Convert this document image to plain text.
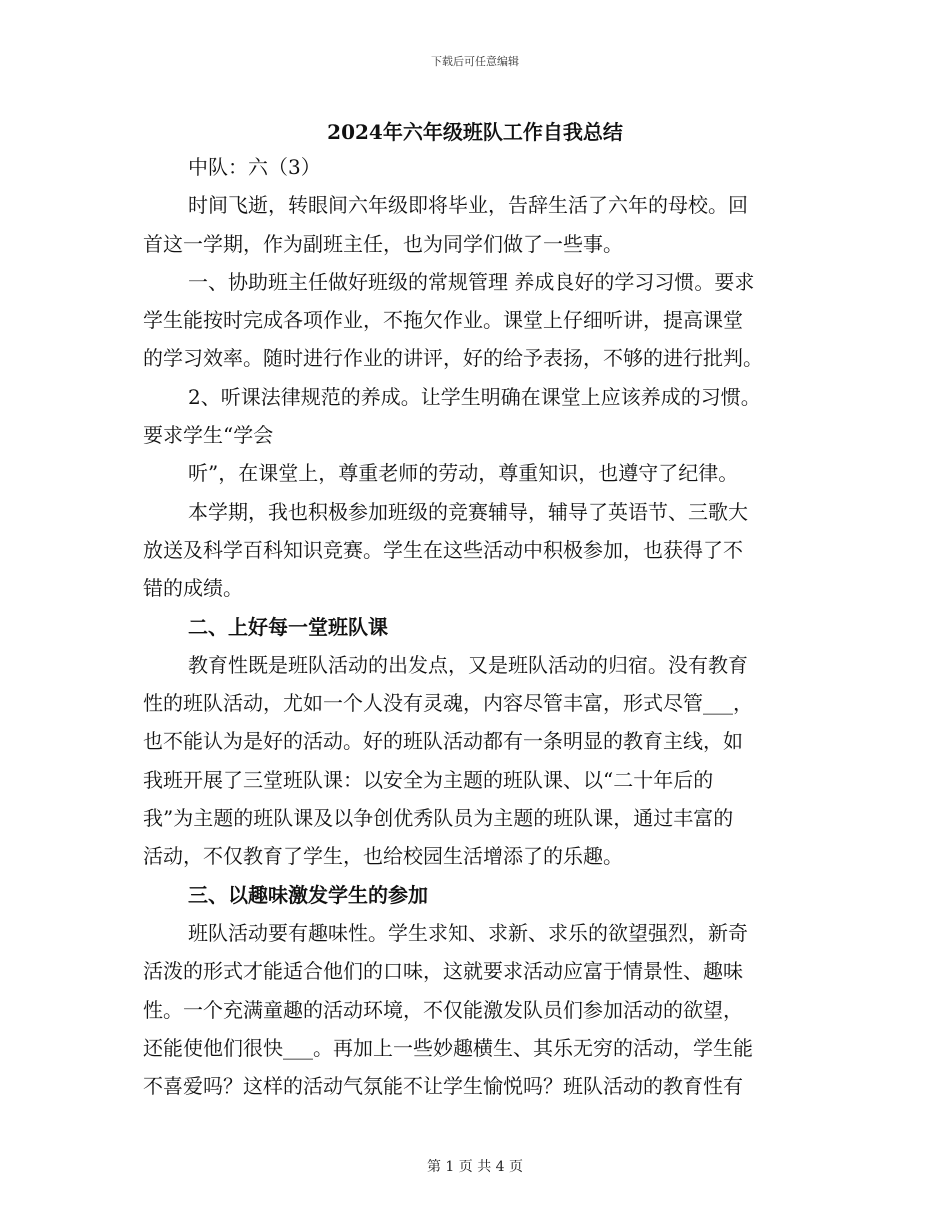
下载后可任意编辑
2024年六年级班队工作自我总结
中队：六（3）
时间飞逝，转眼间六年级即将毕业，告辞生活了六年的母校。回
首这一学期，作为副班主任，也为同学们做了一些事。
一、协助班主任做好班级的常规管理 养成良好的学习习惯。要求
学生能按时完成各项作业，不拖欠作业。课堂上仔细听讲，提高课堂
的学习效率。随时进行作业的讲评，好的给予表扬，不够的进行批判。
2、听课法律规范的养成。让学生明确在课堂上应该养成的习惯。
要求学生“学会
听”，在课堂上，尊重老师的劳动，尊重知识，也遵守了纪律。
本学期，我也积极参加班级的竞赛辅导，辅导了英语节、三歌大
放送及科学百科知识竞赛。学生在这些活动中积极参加，也获得了不
错的成绩。
二、上好每一堂班队课
教育性既是班队活动的出发点，又是班队活动的归宿。没有教育
性的班队活动，尤如一个人没有灵魂，内容尽管丰富，形式尽管___，
也不能认为是好的活动。好的班队活动都有一条明显的教育主线，如
我班开展了三堂班队课：以安全为主题的班队课、以“二十年后的
我”为主题的班队课及以争创优秀队员为主题的班队课，通过丰富的
活动，不仅教育了学生，也给校园生活增添了的乐趣。
三、以趣味激发学生的参加
班队活动要有趣味性。学生求知、求新、求乐的欲望强烈，新奇
活泼的形式才能适合他们的口味，这就要求活动应富于情景性、趣味
性。一个充满童趣的活动环境，不仅能激发队员们参加活动的欲望，
还能使他们很快___。再加上一些妙趣横生、其乐无穷的活动，学生能
不喜爱吗？这样的活动气氛能不让学生愉悦吗？班队活动的教育性有
第 1 页 共 4 页
